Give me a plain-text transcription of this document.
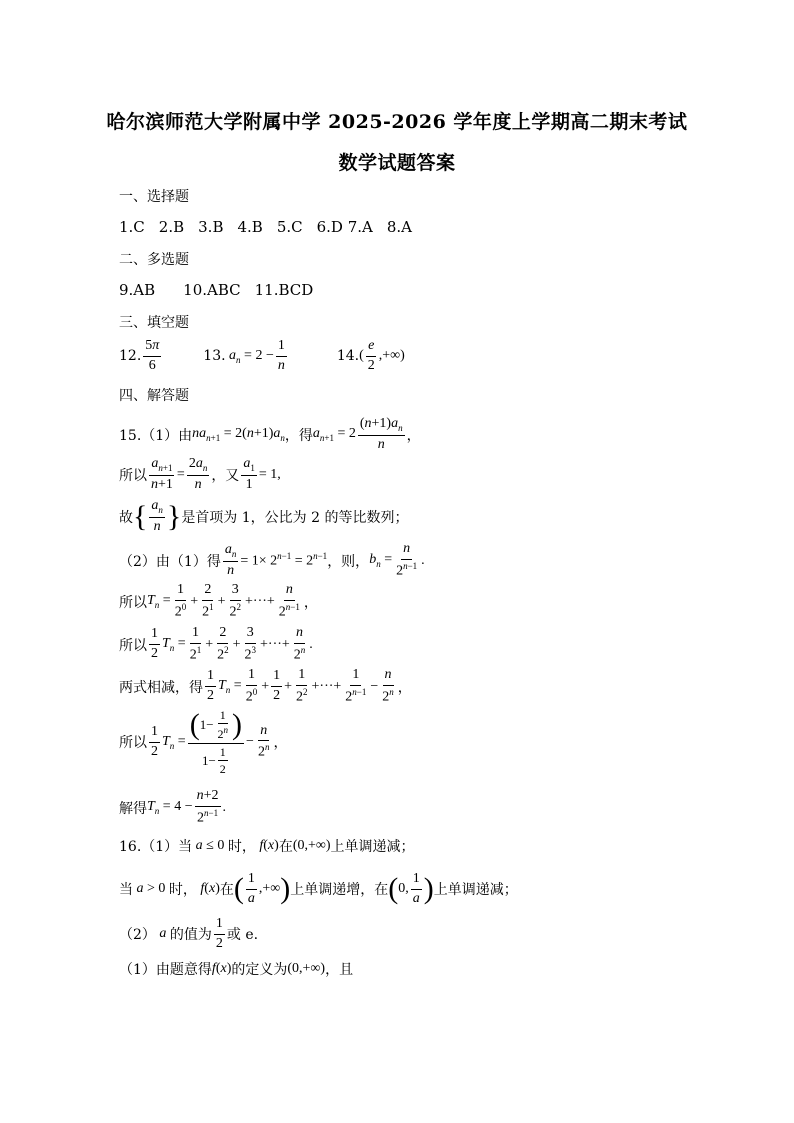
哈尔滨师范大学附属中学 2025-2026 学年度上学期高二期末考试
数学试题答案
一、选择题
1.C 2.B 3.B 4.B 5.C 6.D 7.A 8.A
二、多选题
9.AB 10.ABC 11.BCD
三、填空题
12. $\frac{5\pi}{6}$	13. $a_n = 2 - \frac{1}{n}$	14. ( $\frac{e}{2}$ ,+∞)
四、解答题
15.（1）由 $na_{n+1} = 2(n+1)a_n$ ，得 $a_{n+1} = 2 \frac{(n+1)a_n}{n}$ ，
所以 $\frac{a_{n+1}}{n+1} = \frac{2a_n}{n}$ ，又 $\frac{a_1}{1} = 1$,
故 { $\frac{a_n}{n}$ } 是首项为 1，公比为 2 的等比数列；
（2）由（1）得 $\frac{a_n}{n} = 1\times 2^{n-1} = 2^{n-1}$ ，则， $b_n = \frac{n}{2^{n-1}}$ .
所以 $T_n = \frac{1}{2^0} + \frac{2}{2^1} + \frac{3}{2^2}$ +···+ $\frac{n}{2^{n-1}}$ ，
所以 $\frac{1}{2} T_n = \frac{1}{2^1} + \frac{2}{2^2} + \frac{3}{2^3}$ +···+ $\frac{n}{2^n}$ .
两式相减，得 $\frac{1}{2} T_n = \frac{1}{2^0} + \frac{1}{2} + \frac{1}{2^2}$ +···+ $\frac{1}{2^{n-1}} - \frac{n}{2^n}$ ，
所以 $\frac{1}{2} T_n = \frac{( 1- \frac{1}{2^n} )}{1- \frac{1}{2}} - \frac{n}{2^n}$ ，
解得 $T_n = 4 - \frac{n+2}{2^{n-1}}$ .
16.（1）当 a ≤ 0 时， f(x) 在 (0,+∞) 上单调递减；
当 a > 0 时， f(x) 在 ( $\frac{1}{a}$ ,+∞ ) 上单调递增，在 ( 0, $\frac{1}{a}$ ) 上单调递减；
（2） a 的值为 $\frac{1}{2}$ 或 e.
（1）由题意得 f(x) 的定义为 (0,+∞) ，且
